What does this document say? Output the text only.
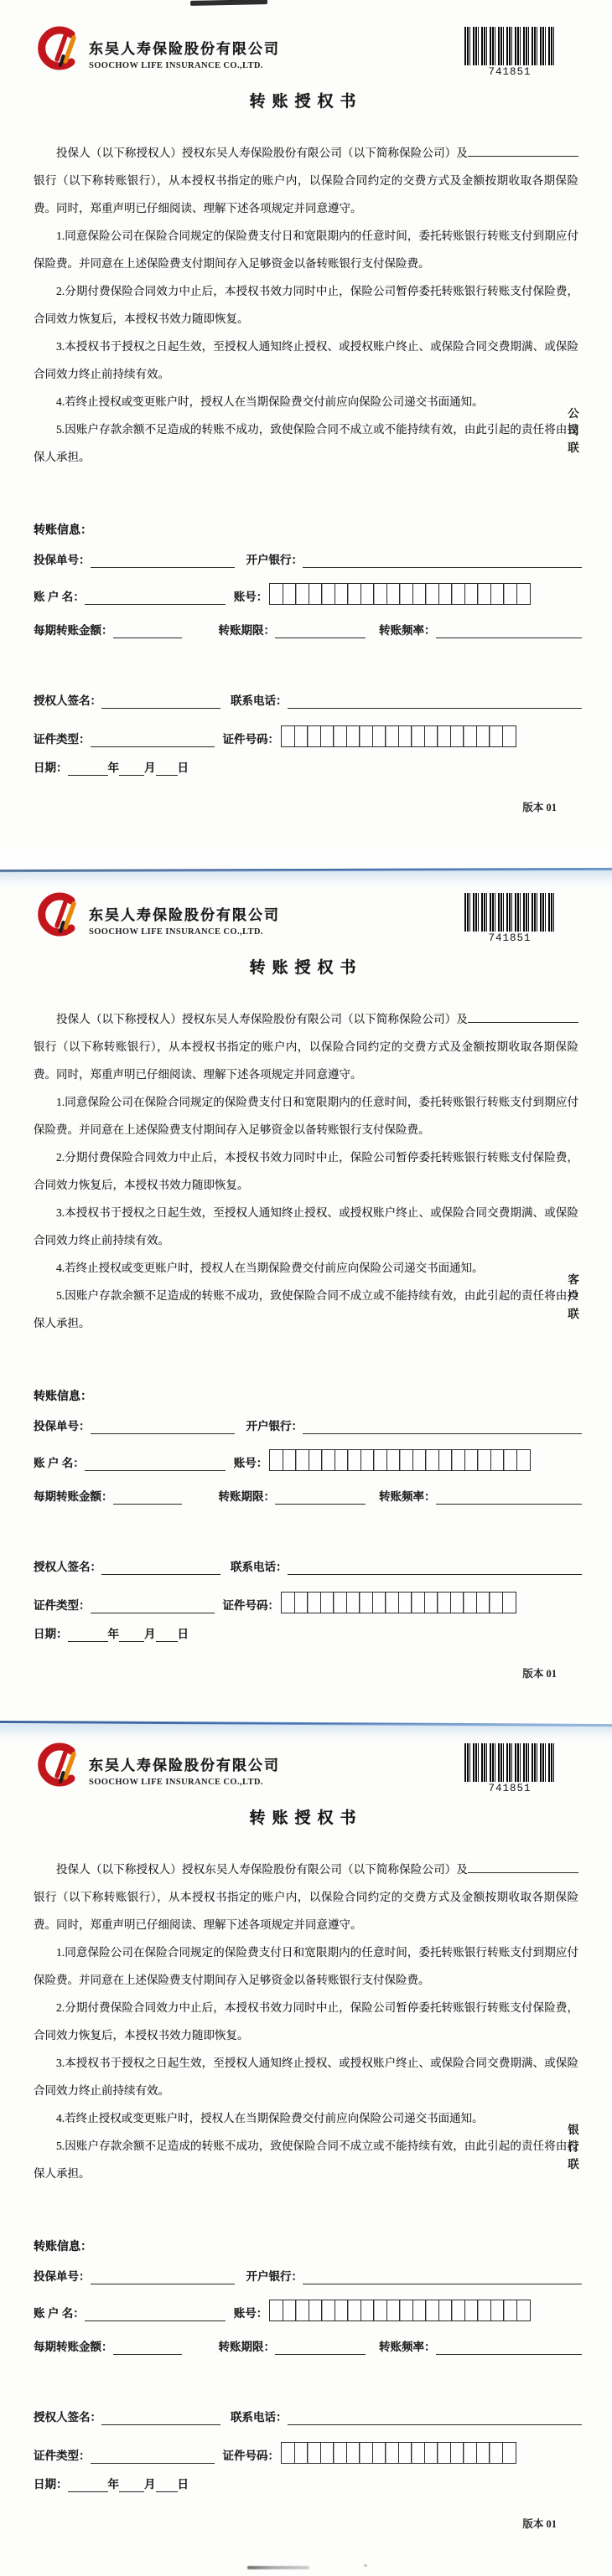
东吴人寿保险股份有限公司
SOOCHOW LIFE INSURANCE CO.,LTD.
741851
转账授权书

投保人（以下称授权人）授权东吴人寿保险股份有限公司（以下简称保险公司）及银行（以下称转账银行），从本授权书指定的账户内，以保险合同约定的交费方式及金额按期收取各期保险费。同时，郑重声明已仔细阅读、理解下述各项规定并同意遵守。

1.同意保险公司在保险合同规定的保险费支付日和宽限期内的任意时间，委托转账银行转账支付到期应付保险费。并同意在上述保险费支付期间存入足够资金以备转账银行支付保险费。

2.分期付费保险合同效力中止后，本授权书效力同时中止，保险公司暂停委托转账银行转账支付保险费，合同效力恢复后，本授权书效力随即恢复。

3.本授权书于授权之日起生效，至授权人通知终止授权、或授权账户终止、或保险合同交费期满、或保险合同效力终止前持续有效。

4.若终止授权或变更账户时，授权人在当期保险费交付前应向保险公司递交书面通知。

5.因账户存款余额不足造成的转账不成功，致使保险合同不成立或不能持续有效，由此引起的责任将由投保人承担。	公司联
转账信息：
投保单号：	开户银行：
账 户 名：	账号：
每期转账金额：	转账期限：	转账频率：
授权人签名：	联系电话：
证件类型：	证件号码：
日期：	年 月 日
版本 01
东吴人寿保险股份有限公司
SOOCHOW LIFE INSURANCE CO.,LTD.
741851
转账授权书

投保人（以下称授权人）授权东吴人寿保险股份有限公司（以下简称保险公司）及银行（以下称转账银行），从本授权书指定的账户内，以保险合同约定的交费方式及金额按期收取各期保险费。同时，郑重声明已仔细阅读、理解下述各项规定并同意遵守。

1.同意保险公司在保险合同规定的保险费支付日和宽限期内的任意时间，委托转账银行转账支付到期应付保险费。并同意在上述保险费支付期间存入足够资金以备转账银行支付保险费。

2.分期付费保险合同效力中止后，本授权书效力同时中止，保险公司暂停委托转账银行转账支付保险费，合同效力恢复后，本授权书效力随即恢复。

3.本授权书于授权之日起生效，至授权人通知终止授权、或授权账户终止、或保险合同交费期满、或保险合同效力终止前持续有效。

4.若终止授权或变更账户时，授权人在当期保险费交付前应向保险公司递交书面通知。

5.因账户存款余额不足造成的转账不成功，致使保险合同不成立或不能持续有效，由此引起的责任将由投保人承担。	客户联
转账信息：
投保单号：	开户银行：
账 户 名：	账号：
每期转账金额：	转账期限：	转账频率：
授权人签名：	联系电话：
证件类型：	证件号码：
日期：	年 月 日
版本 01
东吴人寿保险股份有限公司
SOOCHOW LIFE INSURANCE CO.,LTD.
741851
转账授权书

投保人（以下称授权人）授权东吴人寿保险股份有限公司（以下简称保险公司）及银行（以下称转账银行），从本授权书指定的账户内，以保险合同约定的交费方式及金额按期收取各期保险费。同时，郑重声明已仔细阅读、理解下述各项规定并同意遵守。

1.同意保险公司在保险合同规定的保险费支付日和宽限期内的任意时间，委托转账银行转账支付到期应付保险费。并同意在上述保险费支付期间存入足够资金以备转账银行支付保险费。

2.分期付费保险合同效力中止后，本授权书效力同时中止，保险公司暂停委托转账银行转账支付保险费，合同效力恢复后，本授权书效力随即恢复。

3.本授权书于授权之日起生效，至授权人通知终止授权、或授权账户终止、或保险合同交费期满、或保险合同效力终止前持续有效。

4.若终止授权或变更账户时，授权人在当期保险费交付前应向保险公司递交书面通知。

5.因账户存款余额不足造成的转账不成功，致使保险合同不成立或不能持续有效，由此引起的责任将由投保人承担。	银行联
转账信息：
投保单号：	开户银行：
账 户 名：	账号：
每期转账金额：	转账期限：	转账频率：
授权人签名：	联系电话：
证件类型：	证件号码：
日期：	年 月 日
版本 01
